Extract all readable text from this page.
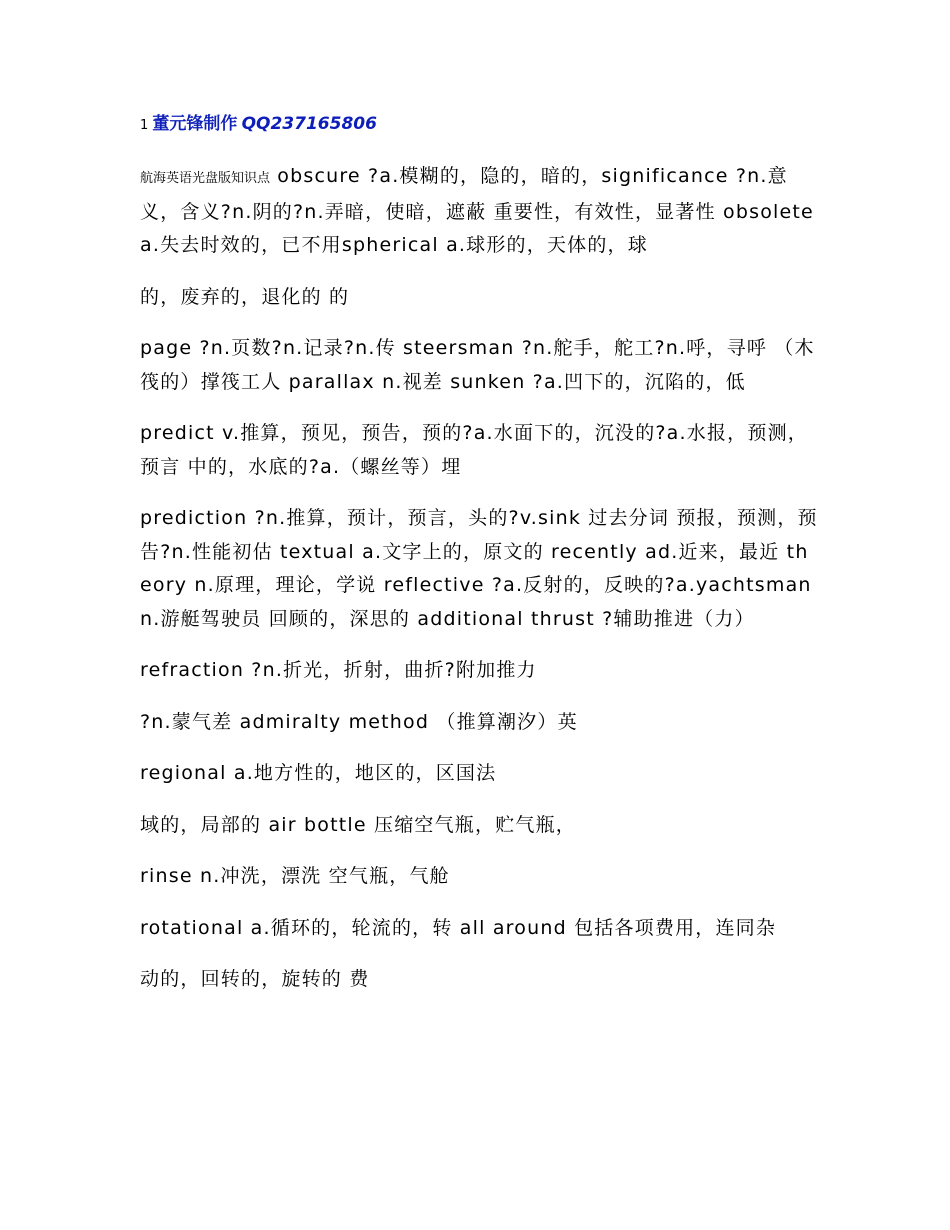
1 董元锋制作 QQ237165806
航海英语光盘版知识点 obscure ?a.模糊的，隐的，暗的，significance ?n.意义，含义?n.阴的?n.弄暗，使暗，遮蔽 重要性，有效性，显著性 obsolete a.失去时效的，已不用spherical a.球形的，天体的，球
的，废弃的，退化的 的
page ?n.页数?n.记录?n.传 steersman ?n.舵手，舵工?n.呼，寻呼 （木筏的）撑筏工人 parallax n.视差 sunken ?a.凹下的，沉陷的，低
predict v.推算，预见，预告，预的?a.水面下的，沉没的?a.水报，预测，预言 中的，水底的?a.（螺丝等）埋
prediction ?n.推算，预计，预言，头的?v.sink 过去分词 预报，预测，预告?n.性能初估 textual a.文字上的，原文的 recently ad.近来，最近 theory n.原理，理论，学说 reflective ?a.反射的，反映的?a.yachtsman n.游艇驾驶员 回顾的，深思的 additional thrust ?辅助推进（力）
refraction ?n.折光，折射，曲折?附加推力
?n.蒙气差 admiralty method （推算潮汐）英
regional a.地方性的，地区的，区国法
域的，局部的 air bottle 压缩空气瓶，贮气瓶，
rinse n.冲洗，漂洗 空气瓶，气舱
rotational a.循环的，轮流的，转 all around 包括各项费用，连同杂
动的，回转的，旋转的 费
